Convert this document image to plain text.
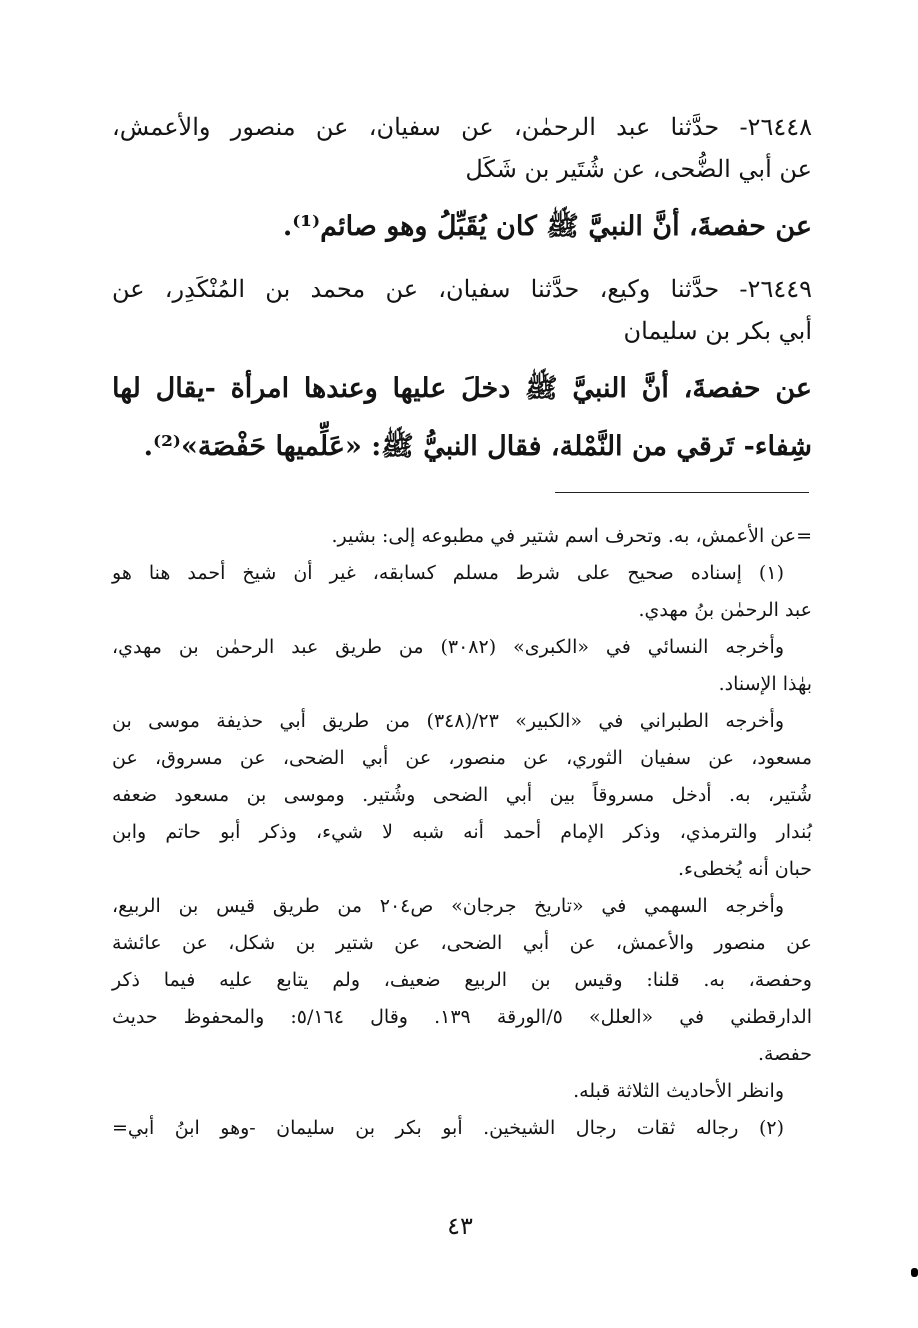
٢٦٤٤٨- حدَّثنا عبد الرحمٰن، عن سفيان، عن منصور والأعمش،
عن أبي الضُّحى، عن شُتَير بن شَكَل
عن حفصةَ، أنَّ النبيَّ ﷺ كان يُقَبِّلُ وهو صائم⁽¹⁾.
٢٦٤٤٩- حدَّثنا وكيع، حدَّثنا سفيان، عن محمد بن المُنْكَدِر، عن
أبي بكر بن سليمان
عن حفصةَ، أنَّ النبيَّ ﷺ دخلَ عليها وعندها امرأة -يقال لها
شِفاء- تَرقي من النَّمْلة، فقال النبيُّ ﷺ: «عَلِّميها حَفْصَة»⁽²⁾.
=عن الأعمش، به. وتحرف اسم شتير في مطبوعه إلى: بشير.
(١) إسناده صحيح على شرط مسلم كسابقه، غير أن شيخ أحمد هنا هو
عبد الرحمٰن بنُ مهدي.
وأخرجه النسائي في «الكبرى» (٣٠٨٢) من طريق عبد الرحمٰن بن مهدي،
بهٰذا الإسناد.
وأخرجه الطبراني في «الكبير» ٢٣/(٣٤٨) من طريق أبي حذيفة موسى بن
مسعود، عن سفيان الثوري، عن منصور، عن أبي الضحى، عن مسروق، عن
شُتير، به. أدخل مسروقاً بين أبي الضحى وشُتير. وموسى بن مسعود ضعفه
بُندار والترمذي، وذكر الإمام أحمد أنه شبه لا شيء، وذكر أبو حاتم وابن
حبان أنه يُخطىء.
وأخرجه السهمي في «تاريخ جرجان» ص٢٠٤ من طريق قيس بن الربيع،
عن منصور والأعمش، عن أبي الضحى، عن شتير بن شكل، عن عائشة
وحفصة، به. قلنا: وقيس بن الربيع ضعيف، ولم يتابع عليه فيما ذكر
الدارقطني في «العلل» ٥/الورقة ١٣٩. وقال ٥/١٦٤: والمحفوظ حديث
حفصة.
وانظر الأحاديث الثلاثة قبله.
(٢) رجاله ثقات رجال الشيخين. أبو بكر بن سليمان -وهو ابنُ أبي=
٤٣
